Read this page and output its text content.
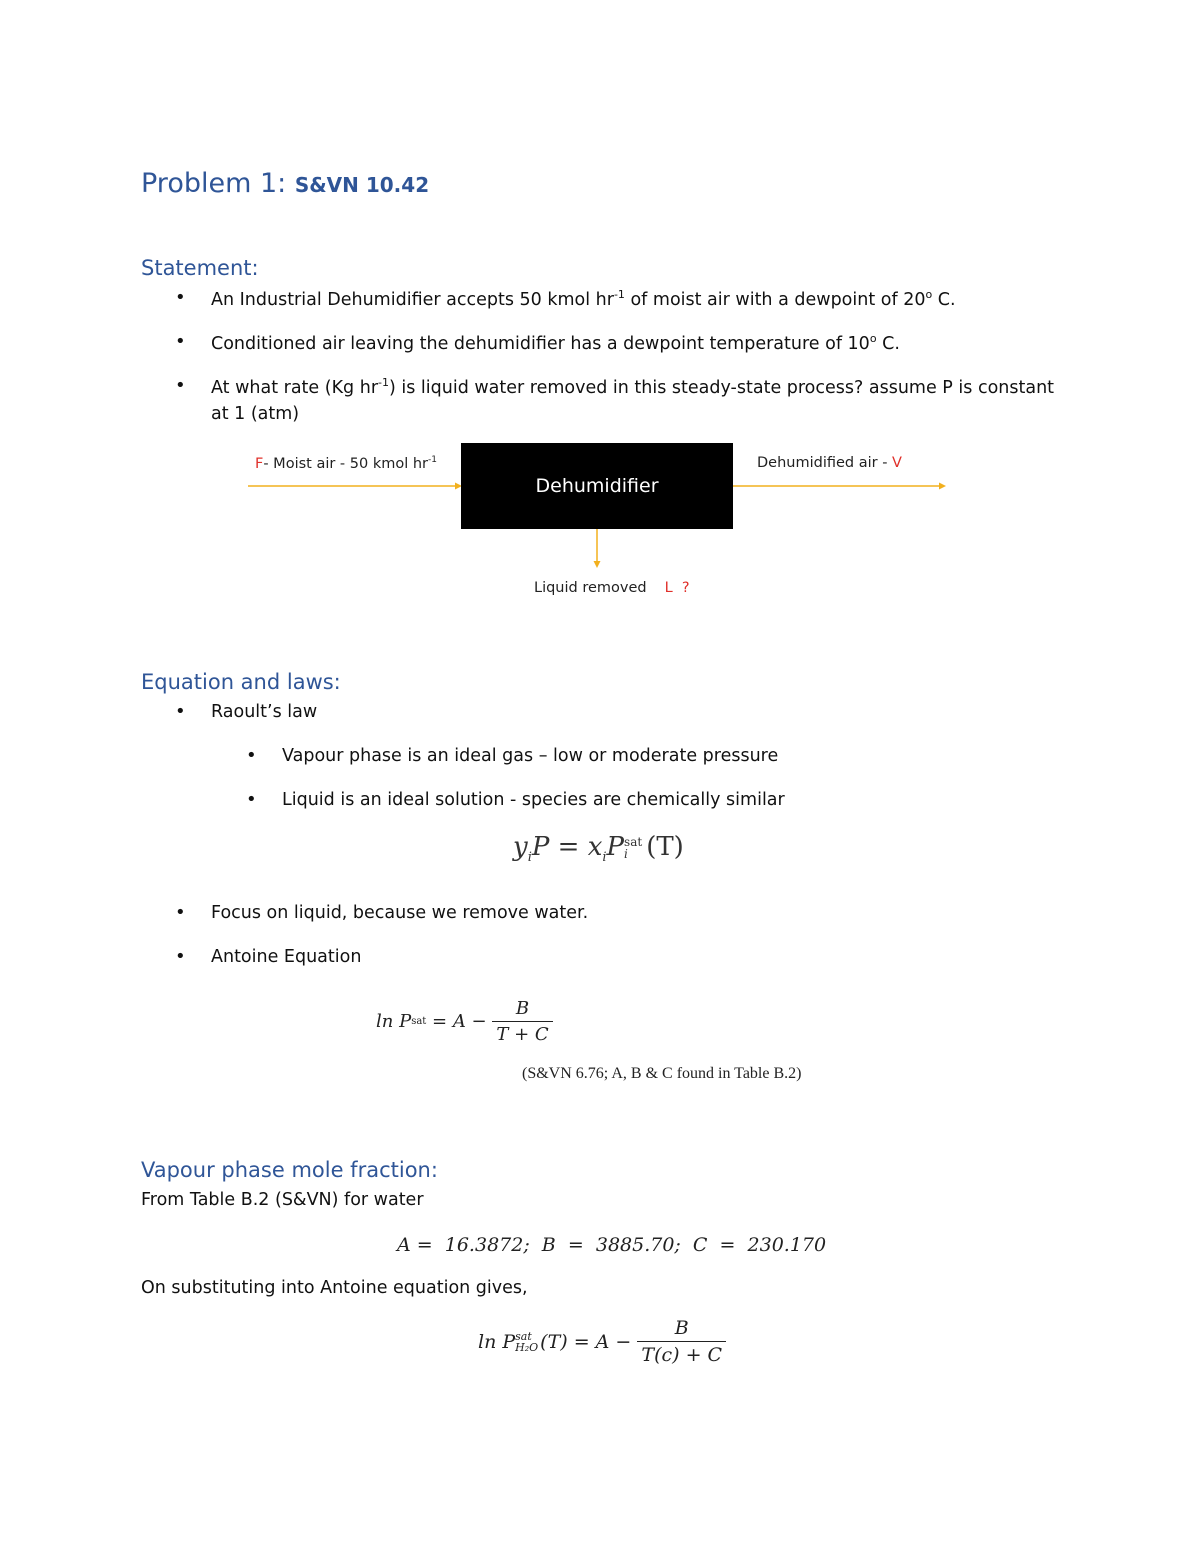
Problem 1: S&VN 10.42
Statement:
• An Industrial Dehumidifier accepts 50 kmol $hr^{-1}$ of moist air with a dewpoint of 20$^o$ C.
• Conditioned air leaving the dehumidifier has a dewpoint temperature of 10$^o$ C.
• At what rate (Kg $hr^{-1}$) is liquid water removed in this steady-state process? assume P is constant
at 1 (atm)
Dehumidifier
F- Moist air - 50 kmol $hr^{-1}$	Dehumidified air - V
Liquid removed L  ?
Equation and laws:
• Raoult’s law
• Vapour phase is an ideal gas – low or moderate pressure
• Liquid is an ideal solution - species are chemically similar
$y_iP = x_iP$ sat
i (T)
• Focus on liquid, because we remove water.
• Antoine Equation
ln P sat = $A - \frac{B}{T + C}$
(S&VN 6.76; A, B & C found in Table B.2)
Vapour phase mole fraction:
From Table B.2 (S&VN) for water
A =  16.3872;  B  =  3885.70;  C  =  230.170
On substituting into Antoine equation gives,
ln P sat
H₂O $(T) = A - \frac{B}{T(c) + C}$
